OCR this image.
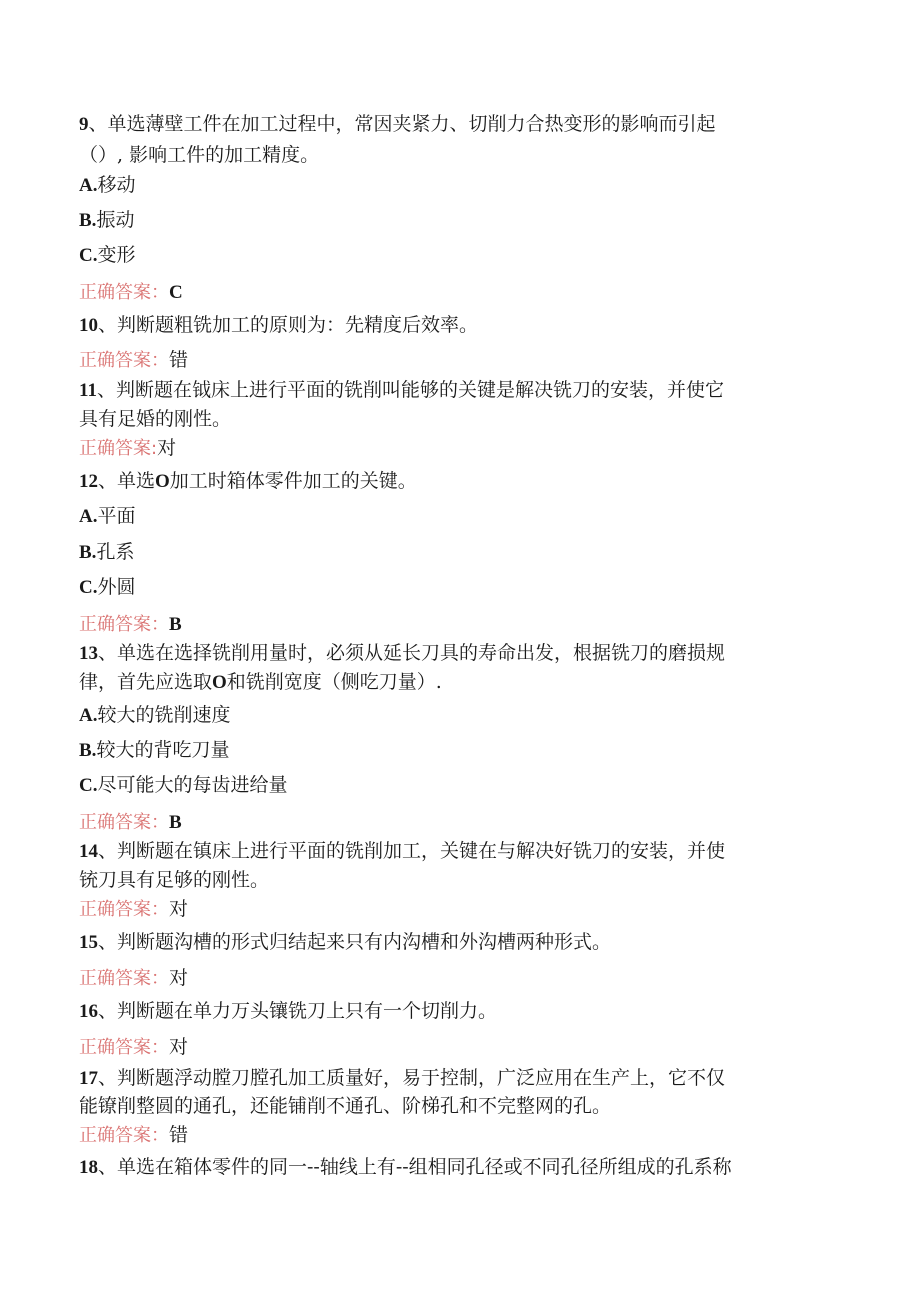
9、单选薄壁工件在加工过程中，常因夹紧力、切削力合热变形的影响而引起
（）, 影响工件的加工精度。
A.移动
B.振动
C.变形
正确答案：C
10、判断题粗铣加工的原则为：先精度后效率。
正确答案：错
11、判断题在钺床上进行平面的铣削叫能够的关键是解决铣刀的安装，并使它
具有足婚的刚性。
正确答案:对
12、单选O加工时箱体零件加工的关键。
A.平面
B.孔系
C.外圆
正确答案：B
13、单选在选择铣削用量时，必须从延长刀具的寿命出发，根据铣刀的磨损规
律，首先应选取O和铣削宽度（侧吃刀量）.
A.较大的铣削速度
B.较大的背吃刀量
C.尽可能大的每齿进给量
正确答案：B
14、判断题在镇床上进行平面的铣削加工，关键在与解决好铣刀的安装，并使
铳刀具有足够的刚性。
正确答案：对
15、判断题沟槽的形式归结起来只有内沟槽和外沟槽两种形式。
正确答案：对
16、判断题在单力万头镶铣刀上只有一个切削力。
正确答案：对
17、判断题浮动膛刀膛孔加工质量好，易于控制，广泛应用在生产上，它不仅
能镣削整圆的通孔，还能铺削不通孔、阶梯孔和不完整网的孔。
正确答案：错
18、单选在箱体零件的同一--轴线上有--组相同孔径或不同孔径所组成的孔系称
